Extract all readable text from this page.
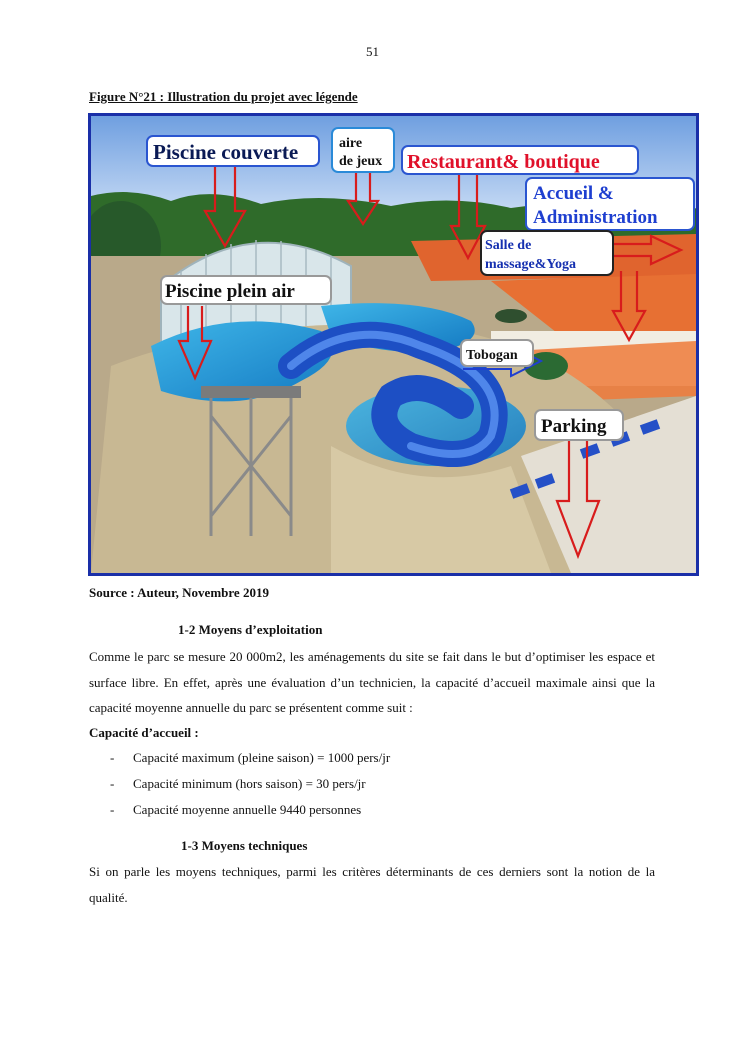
51
Figure N°21 : Illustration du projet avec légende
Piscine couverte	aire
de jeux Restaurant& boutique
Accueil &
Administration
Salle de
massage&Yoga
Piscine plein air
Tobogan
Parking
Source : Auteur, Novembre 2019
1-2 Moyens d’exploitation
Comme le parc se mesure 20 000m2, les aménagements du site se fait dans le but d’optimiser les espace et surface libre. En effet, après une évaluation d’un technicien, la capacité d’accueil maximale ainsi que la capacité moyenne annuelle du parc se présentent comme suit :
Capacité d’accueil :
- Capacité maximum (pleine saison) = 1000 pers/jr
- Capacité minimum (hors saison) = 30 pers/jr
- Capacité moyenne annuelle 9440 personnes
1-3 Moyens techniques
Si on parle les moyens techniques, parmi les critères déterminants de ces derniers sont la notion de la qualité.
